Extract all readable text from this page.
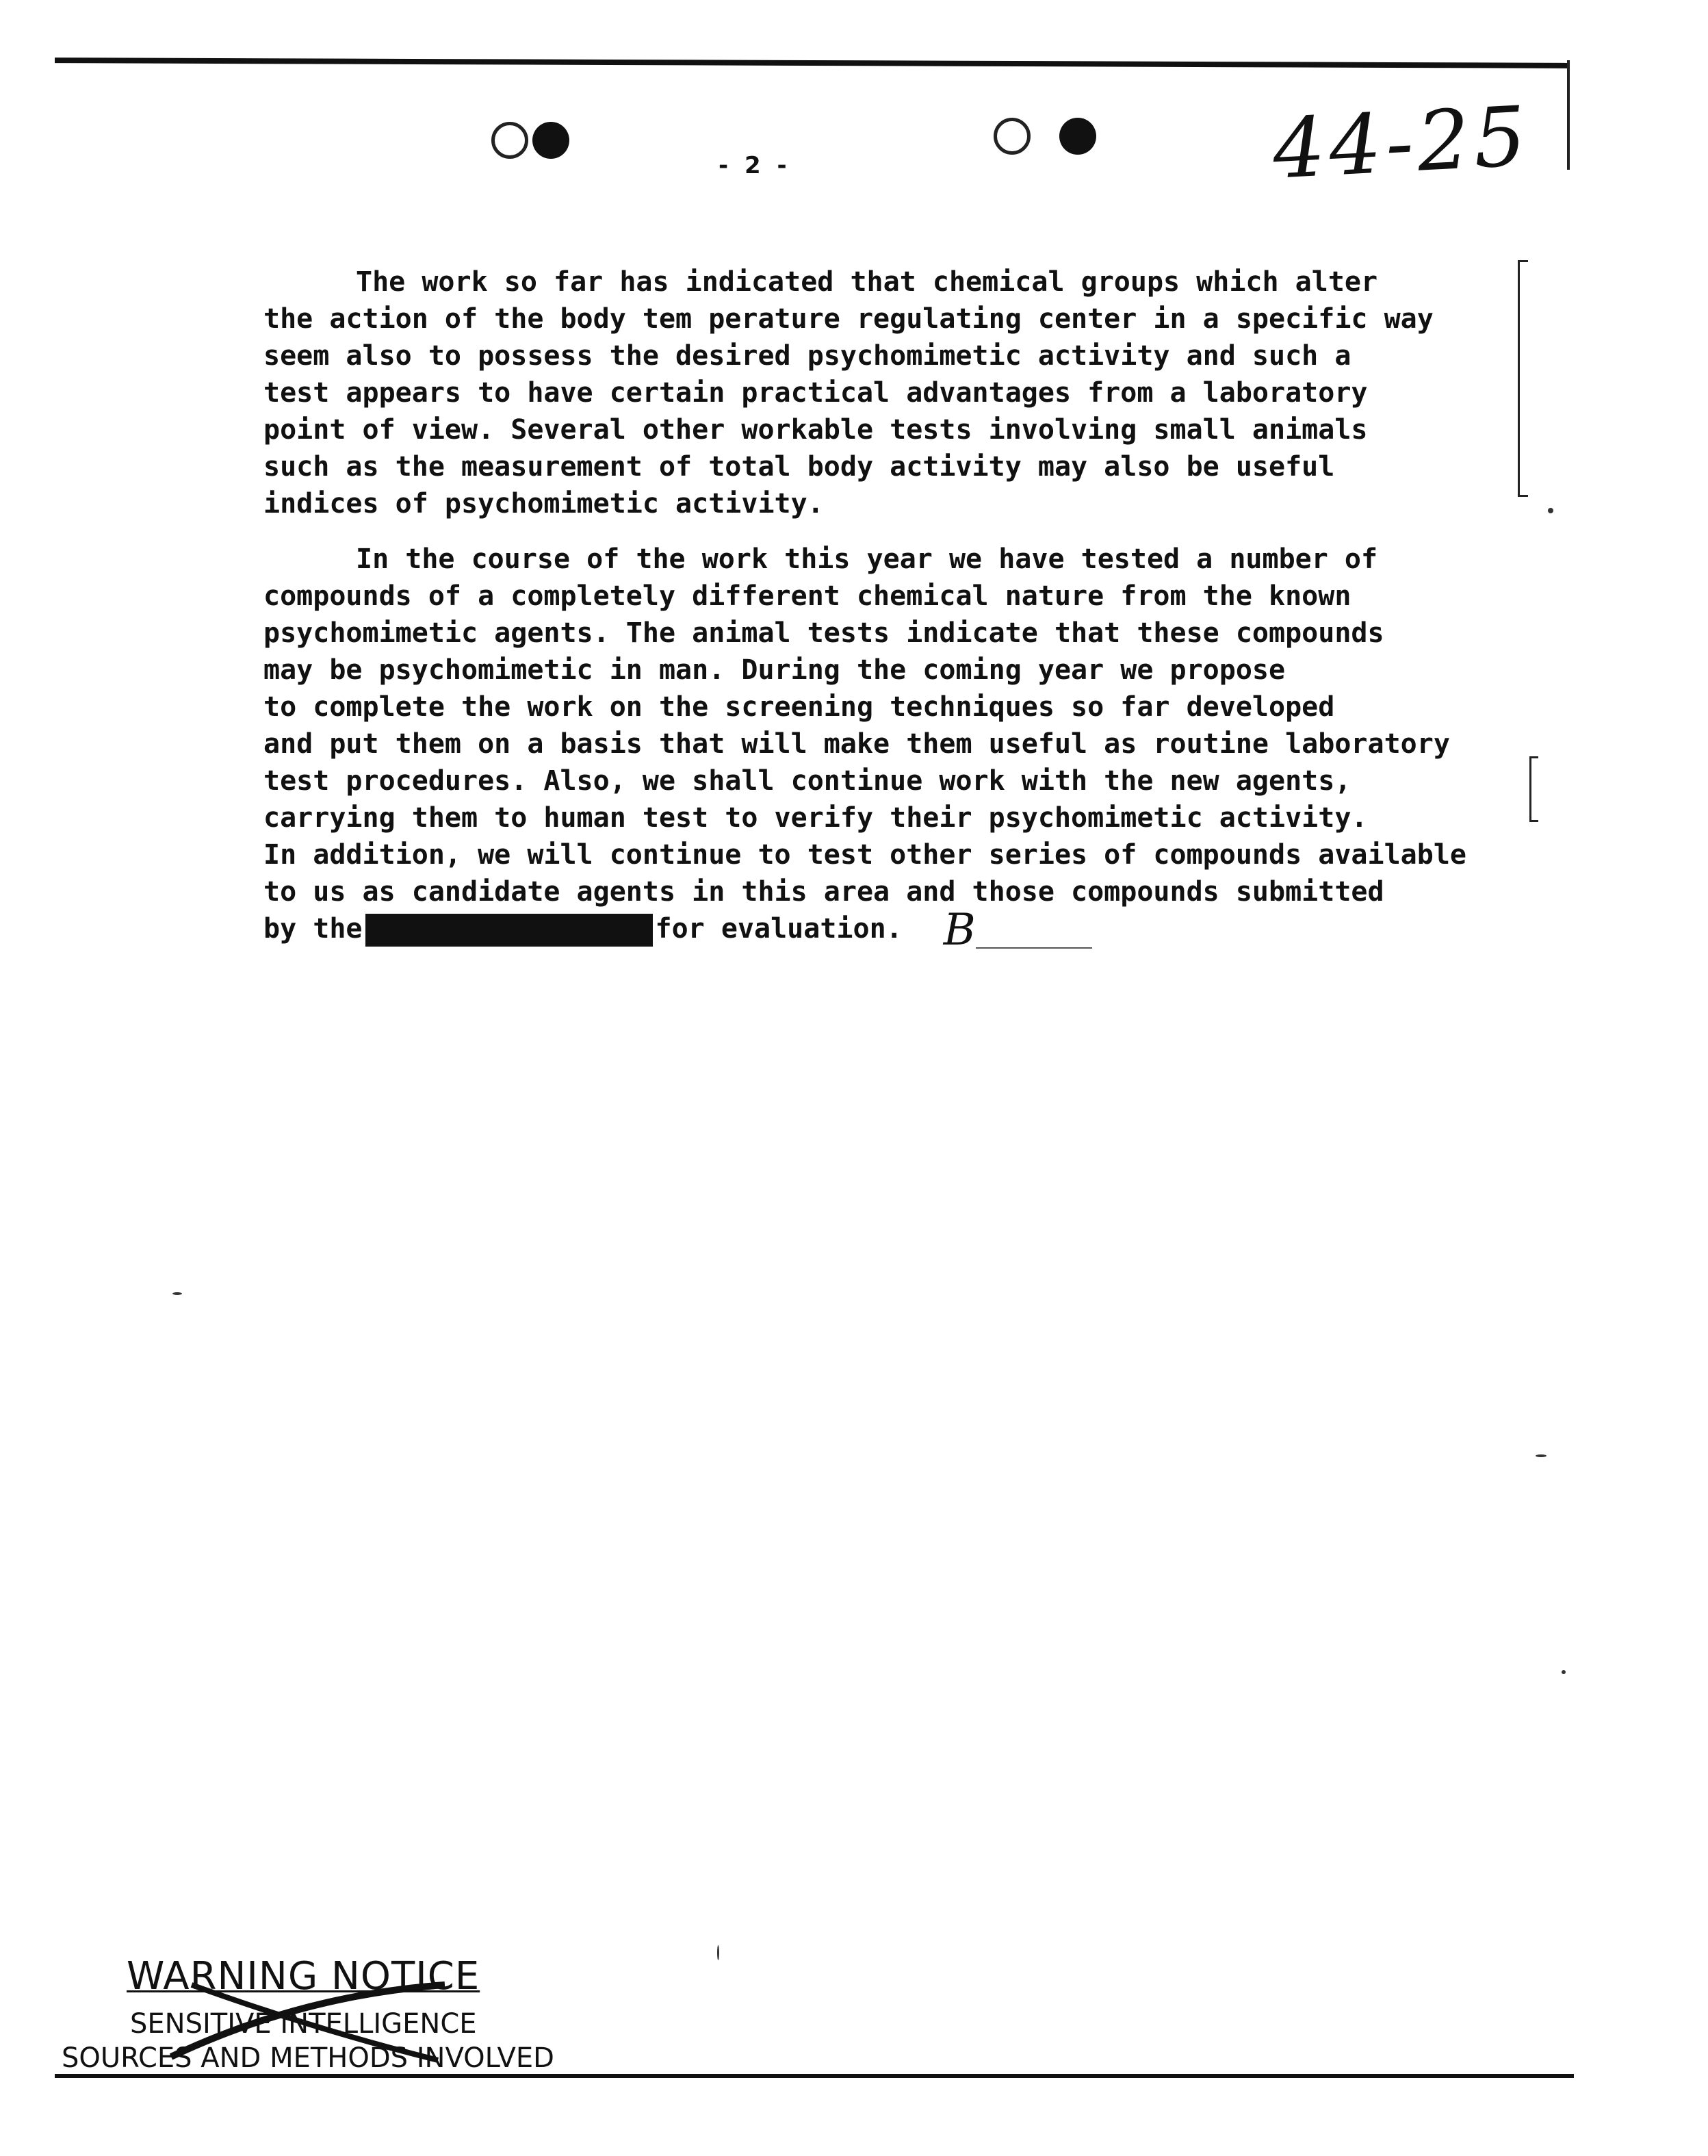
- 2 -	44-25
The work so far has indicated that chemical groups which alter
the action of the body tem perature regulating center in a specific way
seem also to possess the desired psychomimetic activity and such a
test appears to have certain practical advantages from a laboratory
point of view. Several other workable tests involving small animals
such as the measurement of total body activity may also be useful
indices of psychomimetic activity.
In the course of the work this year we have tested a number of
compounds of a completely different chemical nature from the known
psychomimetic agents. The animal tests indicate that these compounds
may be psychomimetic in man. During the coming year we propose
to complete the work on the screening techniques so far developed
and put them on a basis that will make them useful as routine laboratory
test procedures. Also, we shall continue work with the new agents,
carrying them to human test to verify their psychomimetic activity.
In addition, we will continue to test other series of compounds available
to us as candidate agents in this area and those compounds submitted
by the	for evaluation. B
WARNING NOTICE
SENSITIVE INTELLIGENCE
SOURCES AND METHODS INVOLVED
